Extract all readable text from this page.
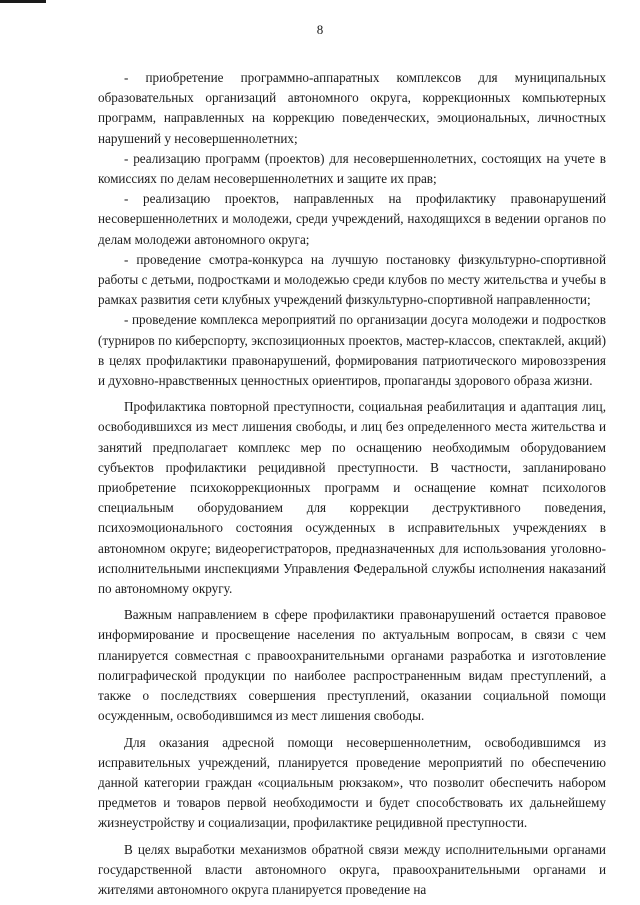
8

- приобретение программно-аппаратных комплексов для муниципальных образовательных организаций автономного округа, коррекционных компьютерных программ, направленных на коррекцию поведенческих, эмоциональных, личностных нарушений у несовершеннолетних;

- реализацию программ (проектов) для несовершеннолетних, состоящих на учете в комиссиях по делам несовершеннолетних и защите их прав;

- реализацию проектов, направленных на профилактику правонарушений несовершеннолетних и молодежи, среди учреждений, находящихся в ведении органов по делам молодежи автономного округа;

- проведение смотра-конкурса на лучшую постановку физкультурно-спортивной работы с детьми, подростками и молодежью среди клубов по месту жительства и учебы в рамках развития сети клубных учреждений физкультурно-спортивной направленности;

- проведение комплекса мероприятий по организации досуга молодежи и подростков (турниров по киберспорту, экспозиционных проектов, мастер-классов, спектаклей, акций) в целях профилактики правонарушений, формирования патриотического мировоззрения и духовно-нравственных ценностных ориентиров, пропаганды здорового образа жизни.

Профилактика повторной преступности, социальная реабилитация и адаптация лиц, освободившихся из мест лишения свободы, и лиц без определенного места жительства и занятий предполагает комплекс мер по оснащению необходимым оборудованием субъектов профилактики рецидивной преступности. В частности, запланировано приобретение психокоррекционных программ и оснащение комнат психологов специальным оборудованием для коррекции деструктивного поведения, психоэмоционального состояния осужденных в исправительных учреждениях в автономном округе; видеорегистраторов, предназначенных для использования уголовно-исполнительными инспекциями Управления Федеральной службы исполнения наказаний по автономному округу.

Важным направлением в сфере профилактики правонарушений остается правовое информирование и просвещение населения по актуальным вопросам, в связи с чем планируется совместная с правоохранительными органами разработка и изготовление полиграфической продукции по наиболее распространенным видам преступлений, а также о последствиях совершения преступлений, оказании социальной помощи осужденным, освободившимся из мест лишения свободы.

Для оказания адресной помощи несовершеннолетним, освободившимся из исправительных учреждений, планируется проведение мероприятий по обеспечению данной категории граждан «социальным рюкзаком», что позволит обеспечить набором предметов и товаров первой необходимости и будет способствовать их дальнейшему жизнеустройству и социализации, профилактике рецидивной преступности.

В целях выработки механизмов обратной связи между исполнительными органами государственной власти автономного округа, правоохранительными органами и жителями автономного округа планируется проведение на
